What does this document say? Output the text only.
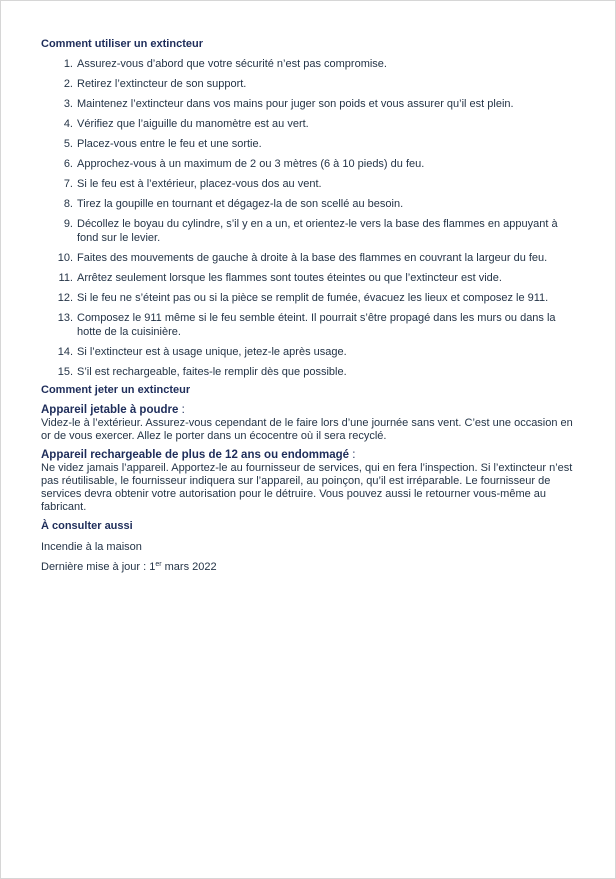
Comment utiliser un extincteur
1. Assurez-vous d’abord que votre sécurité n’est pas compromise.
2. Retirez l’extincteur de son support.
3. Maintenez l’extincteur dans vos mains pour juger son poids et vous assurer qu’il est plein.
4. Vérifiez que l’aiguille du manomètre est au vert.
5. Placez-vous entre le feu et une sortie.
6. Approchez-vous à un maximum de 2 ou 3 mètres (6 à 10 pieds) du feu.
7. Si le feu est à l’extérieur, placez-vous dos au vent.
8. Tirez la goupille en tournant et dégagez-la de son scellé au besoin.
9. Décollez le boyau du cylindre, s’il y en a un, et orientez-le vers la base des flammes en appuyant à fond sur le levier.
10. Faites des mouvements de gauche à droite à la base des flammes en couvrant la largeur du feu.
11. Arrêtez seulement lorsque les flammes sont toutes éteintes ou que l’extincteur est vide.
12. Si le feu ne s’éteint pas ou si la pièce se remplit de fumée, évacuez les lieux et composez le 911.
13. Composez le 911 même si le feu semble éteint. Il pourrait s’être propagé dans les murs ou dans la hotte de la cuisinière.
14. Si l’extincteur est à usage unique, jetez-le après usage.
15. S’il est rechargeable, faites-le remplir dès que possible.
Comment jeter un extincteur
Appareil jetable à poudre :

Videz-le à l’extérieur. Assurez-vous cependant de le faire lors d’une journée sans vent. C’est une occasion en or de vous exercer. Allez le porter dans un écocentre où il sera recyclé.

Appareil rechargeable de plus de 12 ans ou endommagé :

Ne videz jamais l’appareil. Apportez-le au fournisseur de services, qui en fera l’inspection. Si l’extincteur n’est pas réutilisable, le fournisseur indiquera sur l’appareil, au poinçon, qu’il est irréparable. Le fournisseur de services devra obtenir votre autorisation pour le détruire. Vous pouvez aussi le retourner vous-même au fabricant.

À consulter aussi

Incendie à la maison

Dernière mise à jour : 1er mars 2022
